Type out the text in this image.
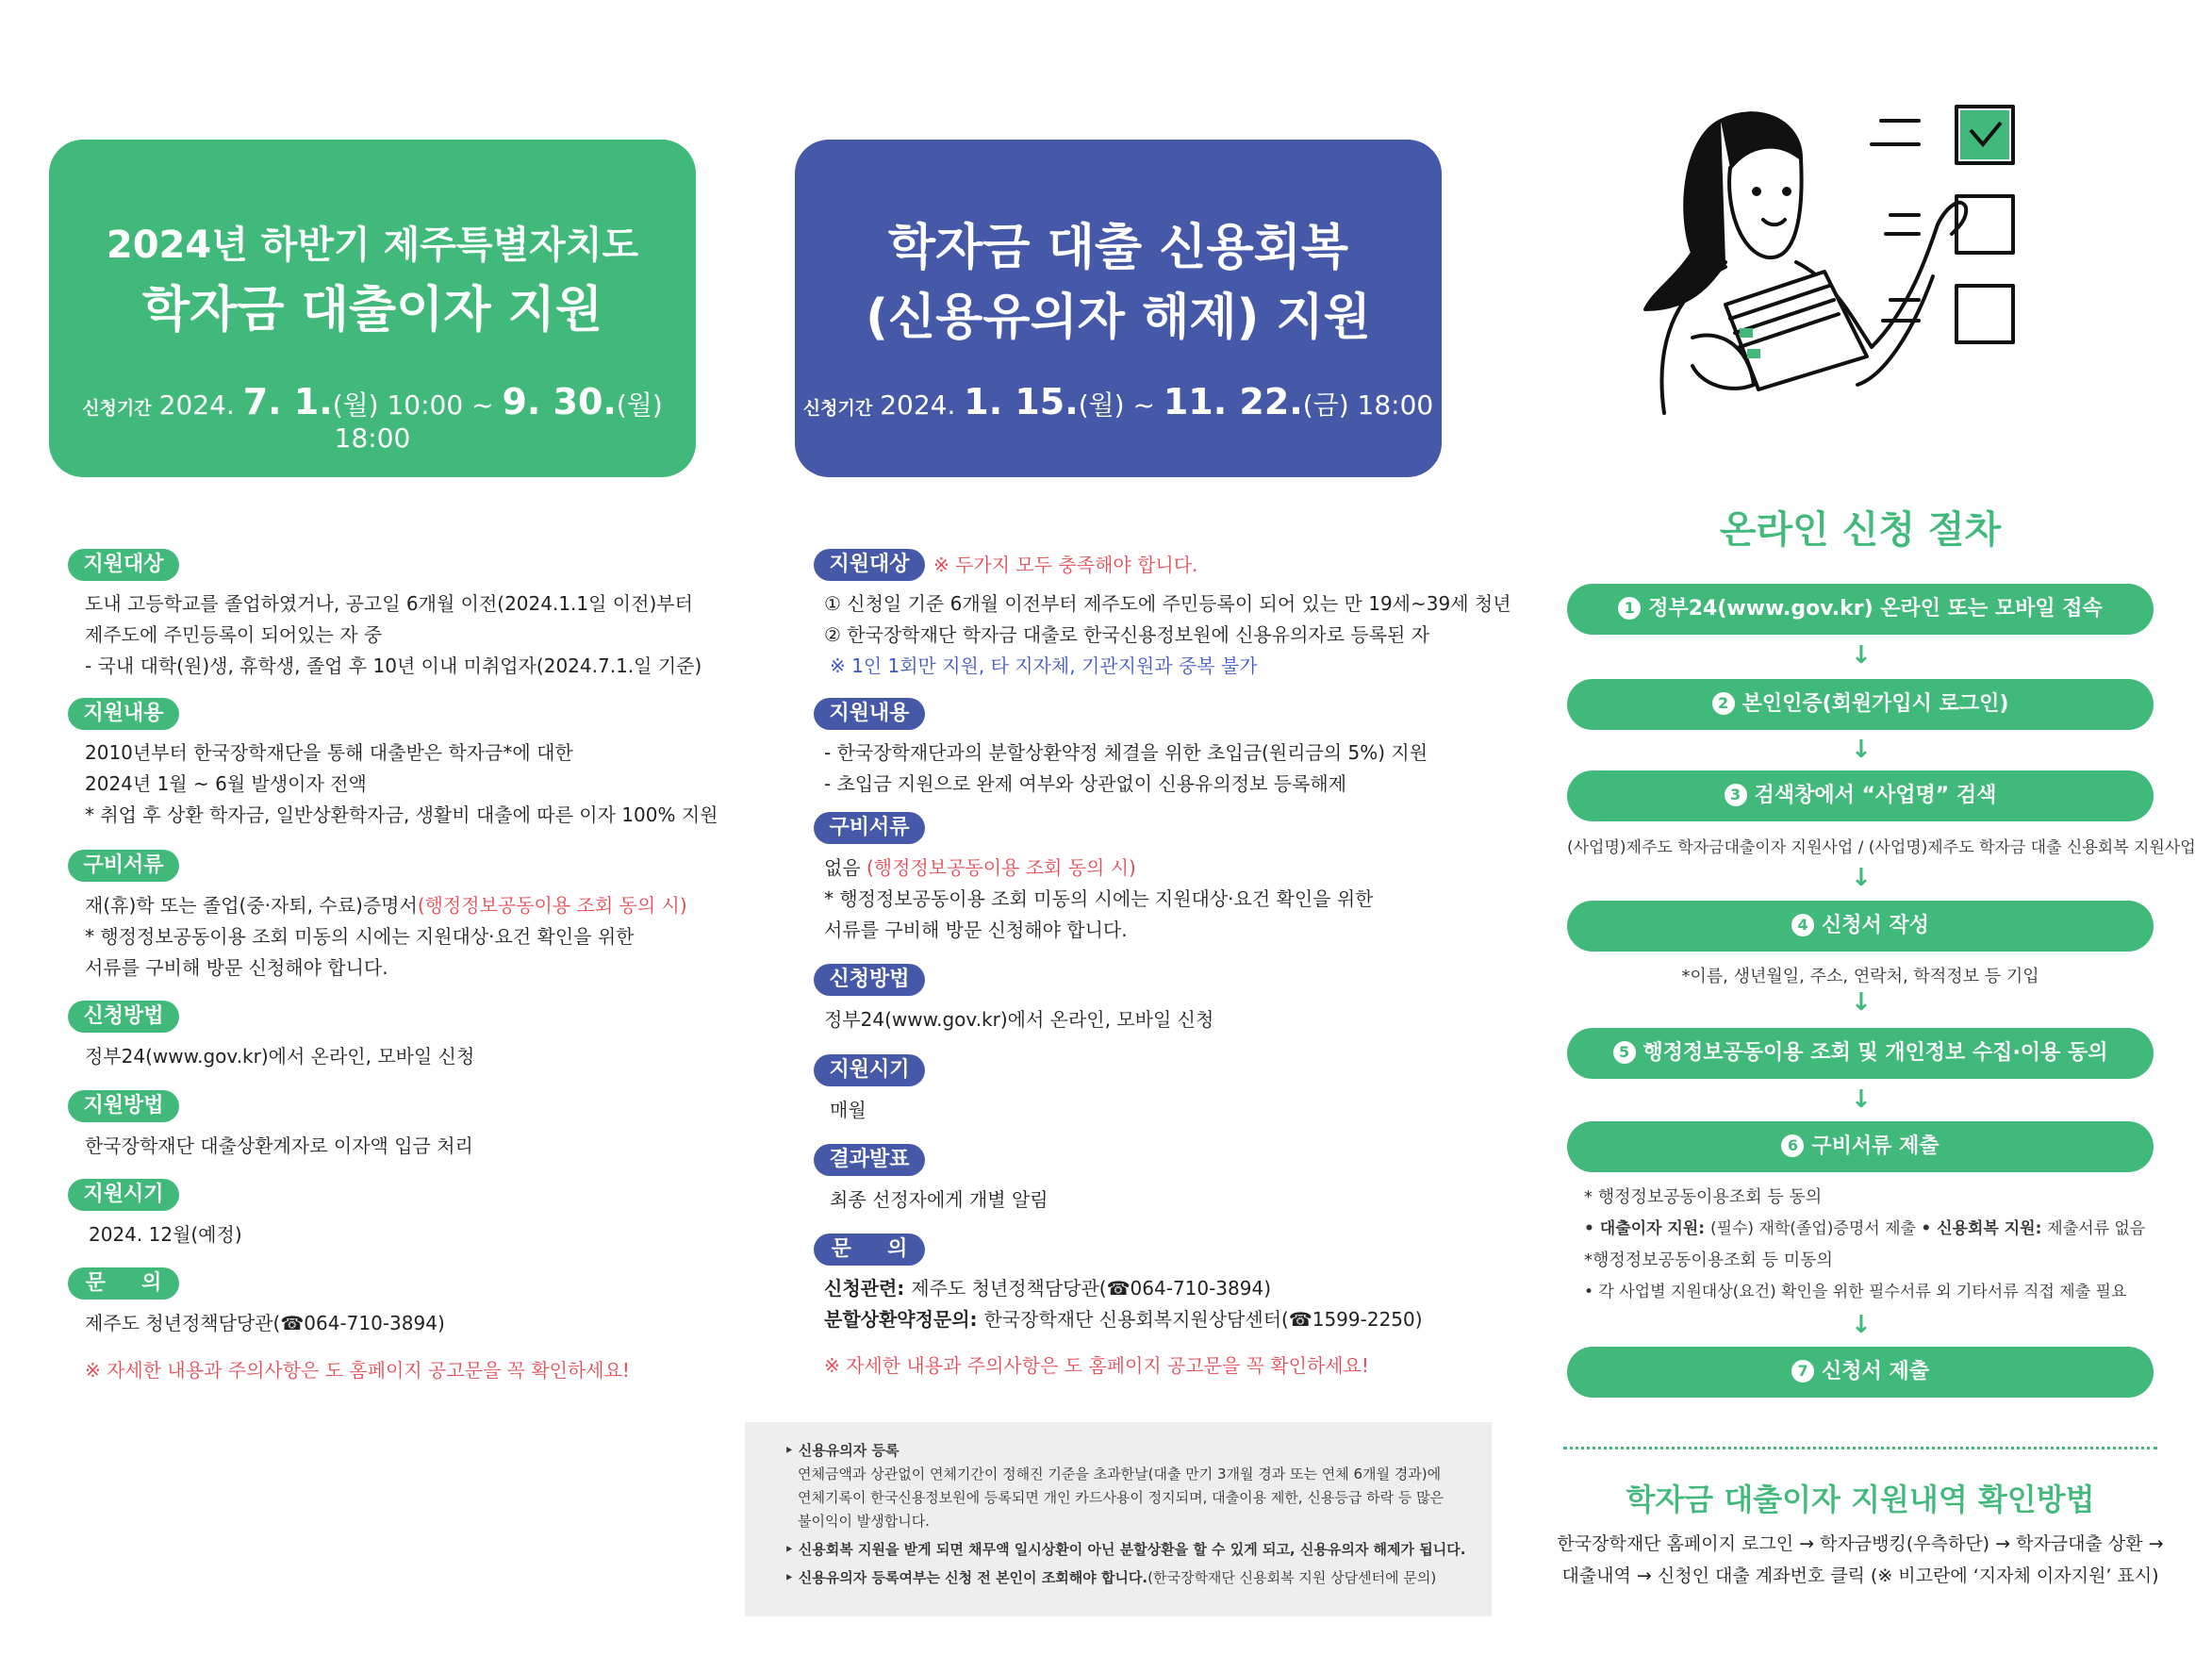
2024년 하반기 제주특별자치도
학자금 대출이자 지원
신청기간 2024. 7. 1.(월) 10:00 ~ 9. 30.(월) 18:00
학자금 대출 신용회복
(신용유의자 해제) 지원
신청기간 2024. 1. 15.(월) ~ 11. 22.(금) 18:00
지원대상
도내 고등학교를 졸업하였거나, 공고일 6개월 이전(2024.1.1일 이전)부터
제주도에 주민등록이 되어있는 자 중
- 국내 대학(원)생, 휴학생, 졸업 후 10년 이내 미취업자(2024.7.1.일 기준)
지원내용
2010년부터 한국장학재단을 통해 대출받은 학자금*에 대한
2024년 1월 ~ 6월 발생이자 전액
* 취업 후 상환 학자금, 일반상환학자금, 생활비 대출에 따른 이자 100% 지원
구비서류
재(휴)학 또는 졸업(중·자퇴, 수료)증명서(행정정보공동이용 조회 동의 시)
* 행정정보공동이용 조회 미동의 시에는 지원대상·요건 확인을 위한
서류를 구비해 방문 신청해야 합니다.
신청방법
정부24(www.gov.kr)에서 온라인, 모바일 신청
지원방법
한국장학재단 대출상환계자로 이자액 입금 처리
지원시기
2024. 12월(예정)
문     의
제주도 청년정책담당관(☎064-710-3894)
※ 자세한 내용과 주의사항은 도 홈페이지 공고문을 꼭 확인하세요!
지원대상	※ 두가지 모두 충족해야 합니다.
① 신청일 기준 6개월 이전부터 제주도에 주민등록이 되어 있는 만 19세~39세 청년
② 한국장학재단 학자금 대출로 한국신용정보원에 신용유의자로 등록된 자
※ 1인 1회만 지원, 타 지자체, 기관지원과 중복 불가
지원내용
- 한국장학재단과의 분할상환약정 체결을 위한 초입금(원리금의 5%) 지원
- 초입금 지원으로 완제 여부와 상관없이 신용유의정보 등록해제
구비서류
없음 (행정정보공동이용 조회 동의 시)
* 행정정보공동이용 조회 미동의 시에는 지원대상·요건 확인을 위한
서류를 구비해 방문 신청해야 합니다.
신청방법
정부24(www.gov.kr)에서 온라인, 모바일 신청
지원시기
매월
결과발표
최종 선정자에게 개별 알림
문     의
신청관련: 제주도 청년정책담당관(☎064-710-3894)
분할상환약정문의: 한국장학재단 신용회복지원상담센터(☎1599-2250)
※ 자세한 내용과 주의사항은 도 홈페이지 공고문을 꼭 확인하세요!
‣ 신용유의자 등록
연체금액과 상관없이 연체기간이 정해진 기준을 초과한날(대출 만기 3개월 경과 또는 연체 6개월 경과)에
연체기록이 한국신용정보원에 등록되면 개인 카드사용이 정지되며, 대출이용 제한, 신용등급 하락 등 많은
불이익이 발생합니다.
‣ 신용회복 지원을 받게 되면 채무액 일시상환이 아닌 분할상환을 할 수 있게 되고, 신용유의자 해제가 됩니다.
‣ 신용유의자 등록여부는 신청 전 본인이 조회해야 합니다.(한국장학재단 신용회복 지원 상담센터에 문의)
온라인 신청 절차
1 정부24(www.gov.kr) 온라인 또는 모바일 접속
↓
2 본인인증(회원가입시 로그인)
↓
3 검색창에서 “사업명” 검색
(사업명)제주도 학자금대출이자 지원사업 / (사업명)제주도 학자금 대출 신용회복 지원사업
↓
4 신청서 작성
*이름, 생년월일, 주소, 연락처, 학적정보 등 기입
↓
5 행정정보공동이용 조회 및 개인정보 수집·이용 동의
↓
6 구비서류 제출
* 행정정보공동이용조회 등 동의
• 대출이자 지원: (필수) 재학(졸업)증명서 제출 • 신용회복 지원: 제출서류 없음
*행정정보공동이용조회 등 미동의
• 각 사업별 지원대상(요건) 확인을 위한 필수서류 외 기타서류 직접 제출 필요
↓
7 신청서 제출
학자금 대출이자 지원내역 확인방법
한국장학재단 홈페이지 로그인 → 학자금뱅킹(우측하단) → 학자금대출 상환 →
대출내역 → 신청인 대출 계좌번호 클릭 (※ 비고란에 ‘지자체 이자지원’ 표시)
